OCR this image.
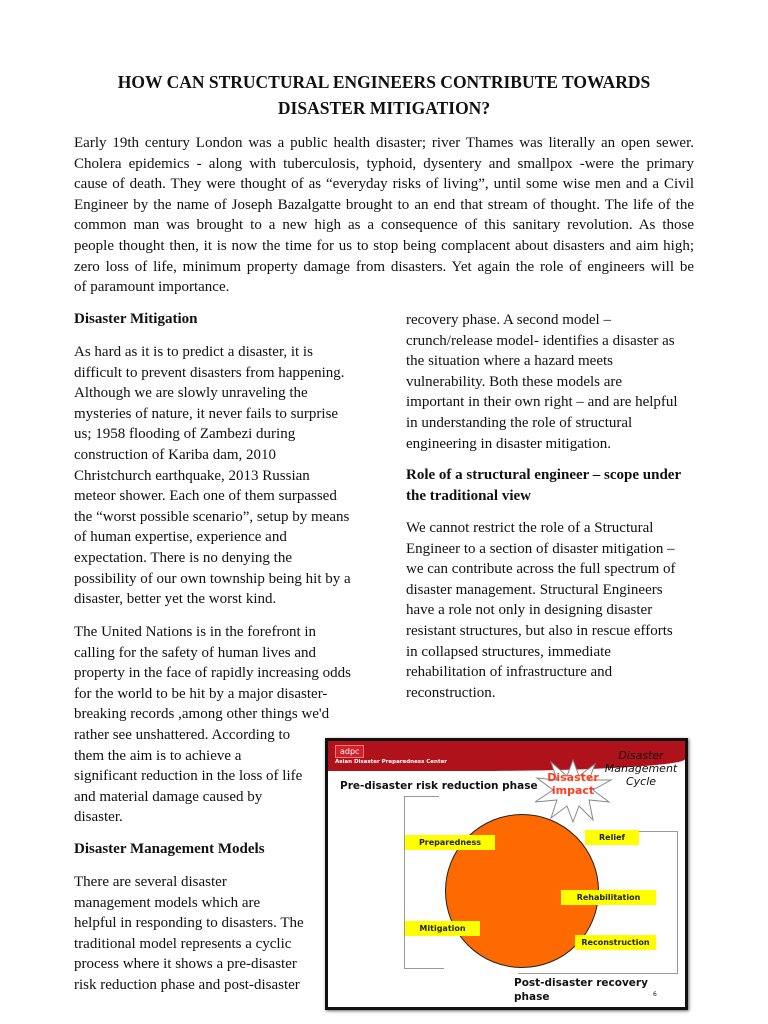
HOW CAN STRUCTURAL ENGINEERS CONTRIBUTE TOWARDS
DISASTER MITIGATION?
Early 19th century London was a public health disaster; river Thames was literally an open sewer.
Cholera epidemics - along with tuberculosis, typhoid, dysentery and smallpox -were the primary
cause of death. They were thought of as “everyday risks of living”, until some wise men and a Civil
Engineer by the name of Joseph Bazalgatte brought to an end that stream of thought. The life of the
common man was brought to a new high as a consequence of this sanitary revolution. As those
people thought then, it is now the time for us to stop being complacent about disasters and aim high;
zero loss of life, minimum property damage from disasters. Yet again the role of engineers will be
of paramount importance.
Disaster Mitigation
As hard as it is to predict a disaster, it is
difficult to prevent disasters from happening.
Although we are slowly unraveling the
mysteries of nature, it never fails to surprise
us; 1958 flooding of Zambezi during
construction of Kariba dam, 2010
Christchurch earthquake, 2013 Russian
meteor shower. Each one of them surpassed
the “worst possible scenario”, setup by means
of human expertise, experience and
expectation. There is no denying the
possibility of our own township being hit by a
disaster, better yet the worst kind.
The United Nations is in the forefront in
calling for the safety of human lives and
property in the face of rapidly increasing odds
for the world to be hit by a major disaster-
breaking records ,among other things we'd
rather see unshattered. According to
them the aim is to achieve a
significant reduction in the loss of life
and material damage caused by
disaster.
Disaster Management Models
There are several disaster
management models which are
helpful in responding to disasters. The
traditional model represents a cyclic
process where it shows a pre-disaster
risk reduction phase and post-disaster
recovery phase. A second model –
crunch/release model- identifies a disaster as
the situation where a hazard meets
vulnerability. Both these models are
important in their own right – and are helpful
in understanding the role of structural
engineering in disaster mitigation.
Role of a structural engineer – scope under
the traditional view
We cannot restrict the role of a Structural
Engineer to a section of disaster mitigation –
we can contribute across the full spectrum of
disaster management. Structural Engineers
have a role not only in designing disaster
resistant structures, but also in rescue efforts
in collapsed structures, immediate
rehabilitation of infrastructure and
reconstruction.
adpc
Asian Disaster Preparedness Center	Disaster
Management
Cycle
Pre-disaster risk reduction phase
Disaster
impact
Preparedness
Relief
Rehabilitation
Mitigation
Reconstruction
Post-disaster recovery
phase	6
